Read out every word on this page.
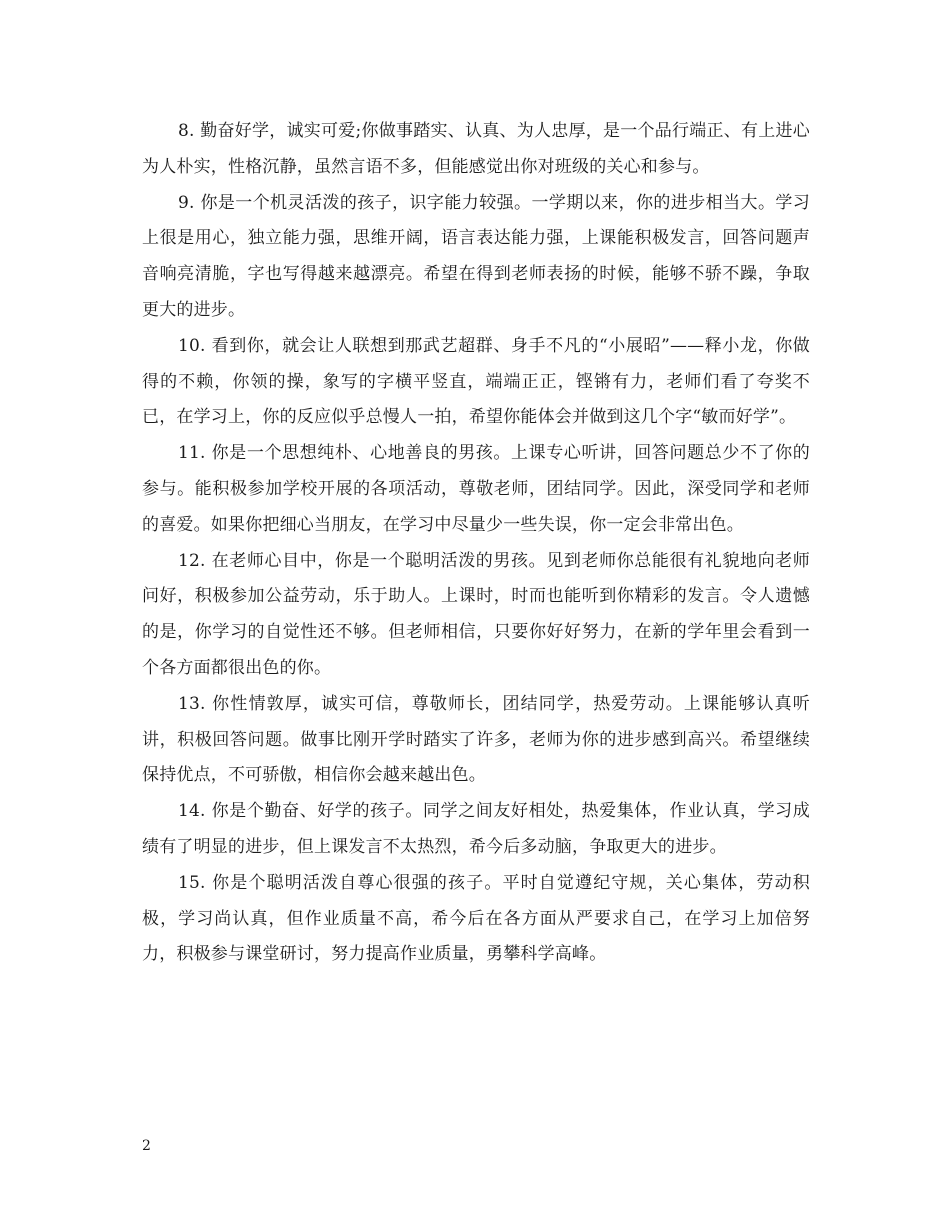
8. 勤奋好学，诚实可爱;你做事踏实、认真、为人忠厚，是一个品行端正、有上进心为人朴实，性格沉静，虽然言语不多，但能感觉出你对班级的关心和参与。

9. 你是一个机灵活泼的孩子，识字能力较强。一学期以来，你的进步相当大。学习上很是用心，独立能力强，思维开阔，语言表达能力强，上课能积极发言，回答问题声音响亮清脆，字也写得越来越漂亮。希望在得到老师表扬的时候，能够不骄不躁，争取更大的进步。

10. 看到你，就会让人联想到那武艺超群、身手不凡的“小展昭”——释小龙，你做得的不赖，你领的操，象写的字横平竖直，端端正正，铿锵有力，老师们看了夸奖不已，在学习上，你的反应似乎总慢人一拍，希望你能体会并做到这几个字“敏而好学”。

11. 你是一个思想纯朴、心地善良的男孩。上课专心听讲，回答问题总少不了你的参与。能积极参加学校开展的各项活动，尊敬老师，团结同学。因此，深受同学和老师的喜爱。如果你把细心当朋友，在学习中尽量少一些失误，你一定会非常出色。

12. 在老师心目中，你是一个聪明活泼的男孩。见到老师你总能很有礼貌地向老师问好，积极参加公益劳动，乐于助人。上课时，时而也能听到你精彩的发言。令人遗憾的是，你学习的自觉性还不够。但老师相信，只要你好好努力，在新的学年里会看到一个各方面都很出色的你。

13. 你性情敦厚，诚实可信，尊敬师长，团结同学，热爱劳动。上课能够认真听讲，积极回答问题。做事比刚开学时踏实了许多，老师为你的进步感到高兴。希望继续保持优点，不可骄傲，相信你会越来越出色。

14. 你是个勤奋、好学的孩子。同学之间友好相处，热爱集体，作业认真，学习成绩有了明显的进步，但上课发言不太热烈，希今后多动脑，争取更大的进步。

15. 你是个聪明活泼自尊心很强的孩子。平时自觉遵纪守规，关心集体，劳动积极，学习尚认真，但作业质量不高，希今后在各方面从严要求自己，在学习上加倍努力，积极参与课堂研讨，努力提高作业质量，勇攀科学高峰。

2
